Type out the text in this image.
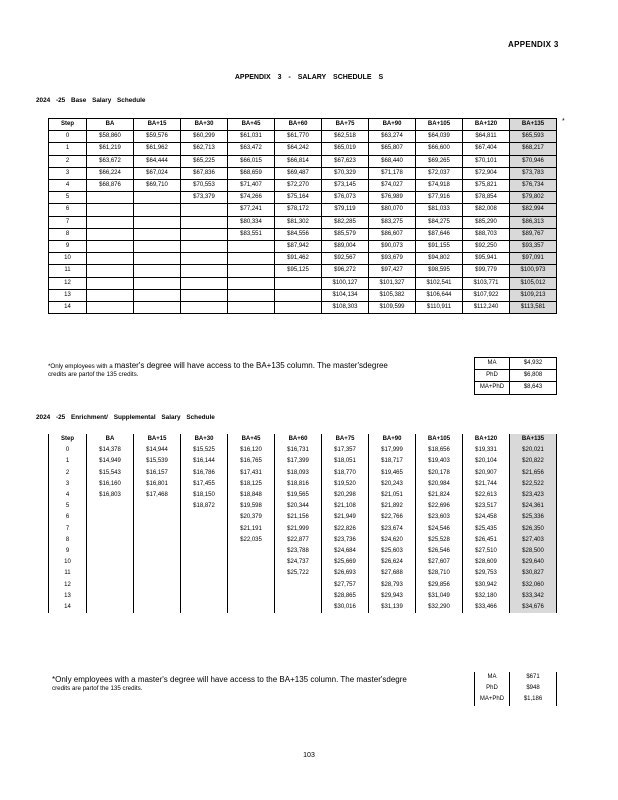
APPENDIX 3
APPENDIX 3 - SALARY SCHEDULE S
2024 -25 Base Salary Schedule
Step	BA	BA+15	BA+30	BA+45	BA+60	BA+75	BA+90	BA+105	BA+120	BA+135
0	$58,860	$59,576	$60,299	$61,031	$61,770	$62,518	$63,274	$64,039	$64,811	$65,593
1	$61,219	$61,962	$62,713	$63,472	$64,242	$65,019	$65,807	$66,600	$67,404	$68,217
2	$63,672	$64,444	$65,225	$66,015	$66,814	$67,623	$68,440	$69,265	$70,101	$70,946
3	$66,224	$67,024	$67,836	$68,659	$69,487	$70,329	$71,178	$72,037	$72,904	$73,783
4	$68,876	$69,710	$70,553	$71,407	$72,270	$73,145	$74,027	$74,918	$75,821	$76,734
5			$73,379	$74,266	$75,164	$76,073	$76,989	$77,916	$78,854	$79,802
6				$77,241	$78,172	$79,119	$80,070	$81,033	$82,008	$82,994
7				$80,334	$81,302	$82,285	$83,275	$84,275	$85,290	$86,313
8				$83,551	$84,556	$85,579	$86,607	$87,646	$88,703	$89,767
9					$87,942	$89,004	$90,073	$91,155	$92,250	$93,357
10					$91,462	$92,567	$93,679	$94,802	$95,941	$97,091
11					$95,125	$96,272	$97,427	$98,595	$99,779	$100,973
12						$100,127	$101,327	$102,541	$103,771	$105,012
13						$104,134	$105,382	$106,644	$107,922	$109,213
14						$108,303	$109,599	$110,911	$112,240	$113,581
*
*Only employees with a master's degree will have access to the BA+135 column. The master'sdegree
credits are partof the 135 credits.
MA	$4,932
PhD	$6,808
MA+PhD	$8,643
2024 -25 Enrichment/ Supplemental Salary Schedule
Step	BA	BA+15	BA+30	BA+45	BA+60	BA+75	BA+90	BA+105	BA+120	BA+135
0	$14,378	$14,944	$15,525	$16,120	$16,731	$17,357	$17,999	$18,656	$19,331	$20,021
1	$14,949	$15,539	$16,144	$16,765	$17,399	$18,051	$18,717	$19,403	$20,104	$20,822
2	$15,543	$16,157	$16,786	$17,431	$18,093	$18,770	$19,465	$20,178	$20,907	$21,656
3	$16,160	$16,801	$17,455	$18,125	$18,816	$19,520	$20,243	$20,984	$21,744	$22,522
4	$16,803	$17,468	$18,150	$18,848	$19,565	$20,298	$21,051	$21,824	$22,613	$23,423
5			$18,872	$19,598	$20,344	$21,108	$21,892	$22,696	$23,517	$24,361
6				$20,379	$21,156	$21,949	$22,766	$23,603	$24,458	$25,336
7				$21,191	$21,999	$22,826	$23,674	$24,546	$25,435	$26,350
8				$22,035	$22,877	$23,736	$24,620	$25,528	$26,451	$27,403
9					$23,788	$24,684	$25,603	$26,546	$27,510	$28,500
10					$24,737	$25,669	$26,624	$27,607	$28,609	$29,640
11					$25,722	$26,693	$27,688	$28,710	$29,753	$30,827
12						$27,757	$28,793	$29,856	$30,942	$32,060
13						$28,865	$29,943	$31,049	$32,180	$33,342
14						$30,016	$31,139	$32,290	$33,466	$34,676
*Only employees with a master's degree will have access to the BA+135 column. The master'sdegre
credits are partof the 135 credits.
MA	$671
PhD	$948
MA+PhD	$1,186
103
